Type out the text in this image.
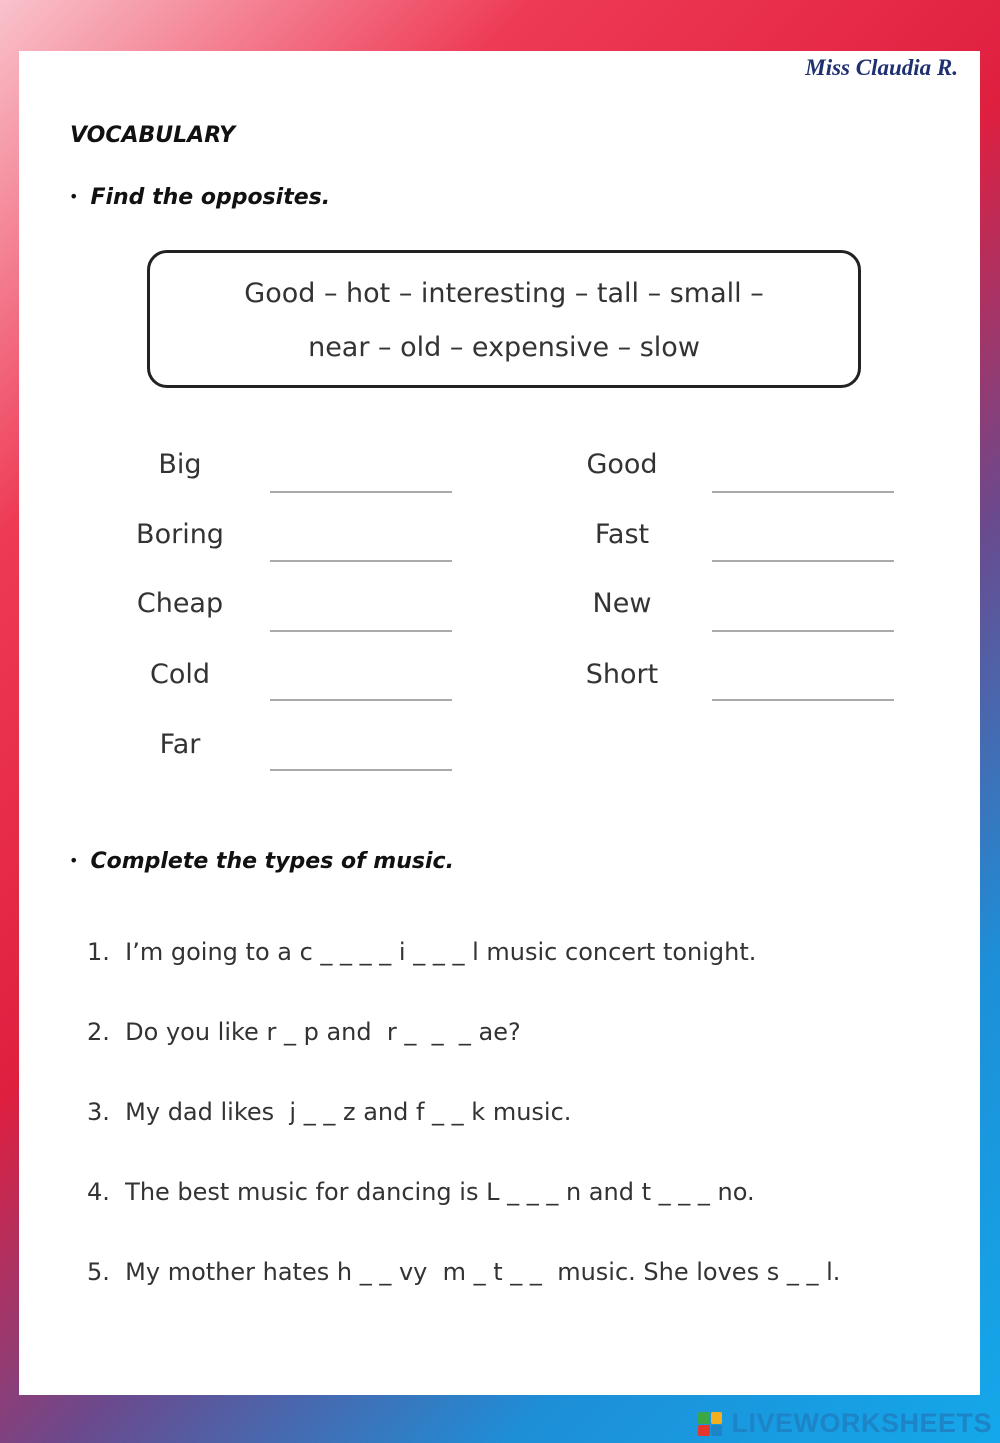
Miss Claudia R.
VOCABULARY
• Find the opposites.
Good – hot – interesting – tall – small –
near – old – expensive – slow
Big
Boring
Cheap
Cold
Far
Good
Fast
New
Short
• Complete the types of music.
1.  I’m going to a c _ _ _ _ i _ _ _ l music concert tonight.
2.  Do you like r _ p and  r _  _  _ ae?
3.  My dad likes  j _ _ z and f _ _ k music.
4.  The best music for dancing is L _ _ _ n and t _ _ _ no.
5.  My mother hates h _ _ vy  m _ t _ _  music. She loves s _ _ l.
LIVEWORKSHEETS
